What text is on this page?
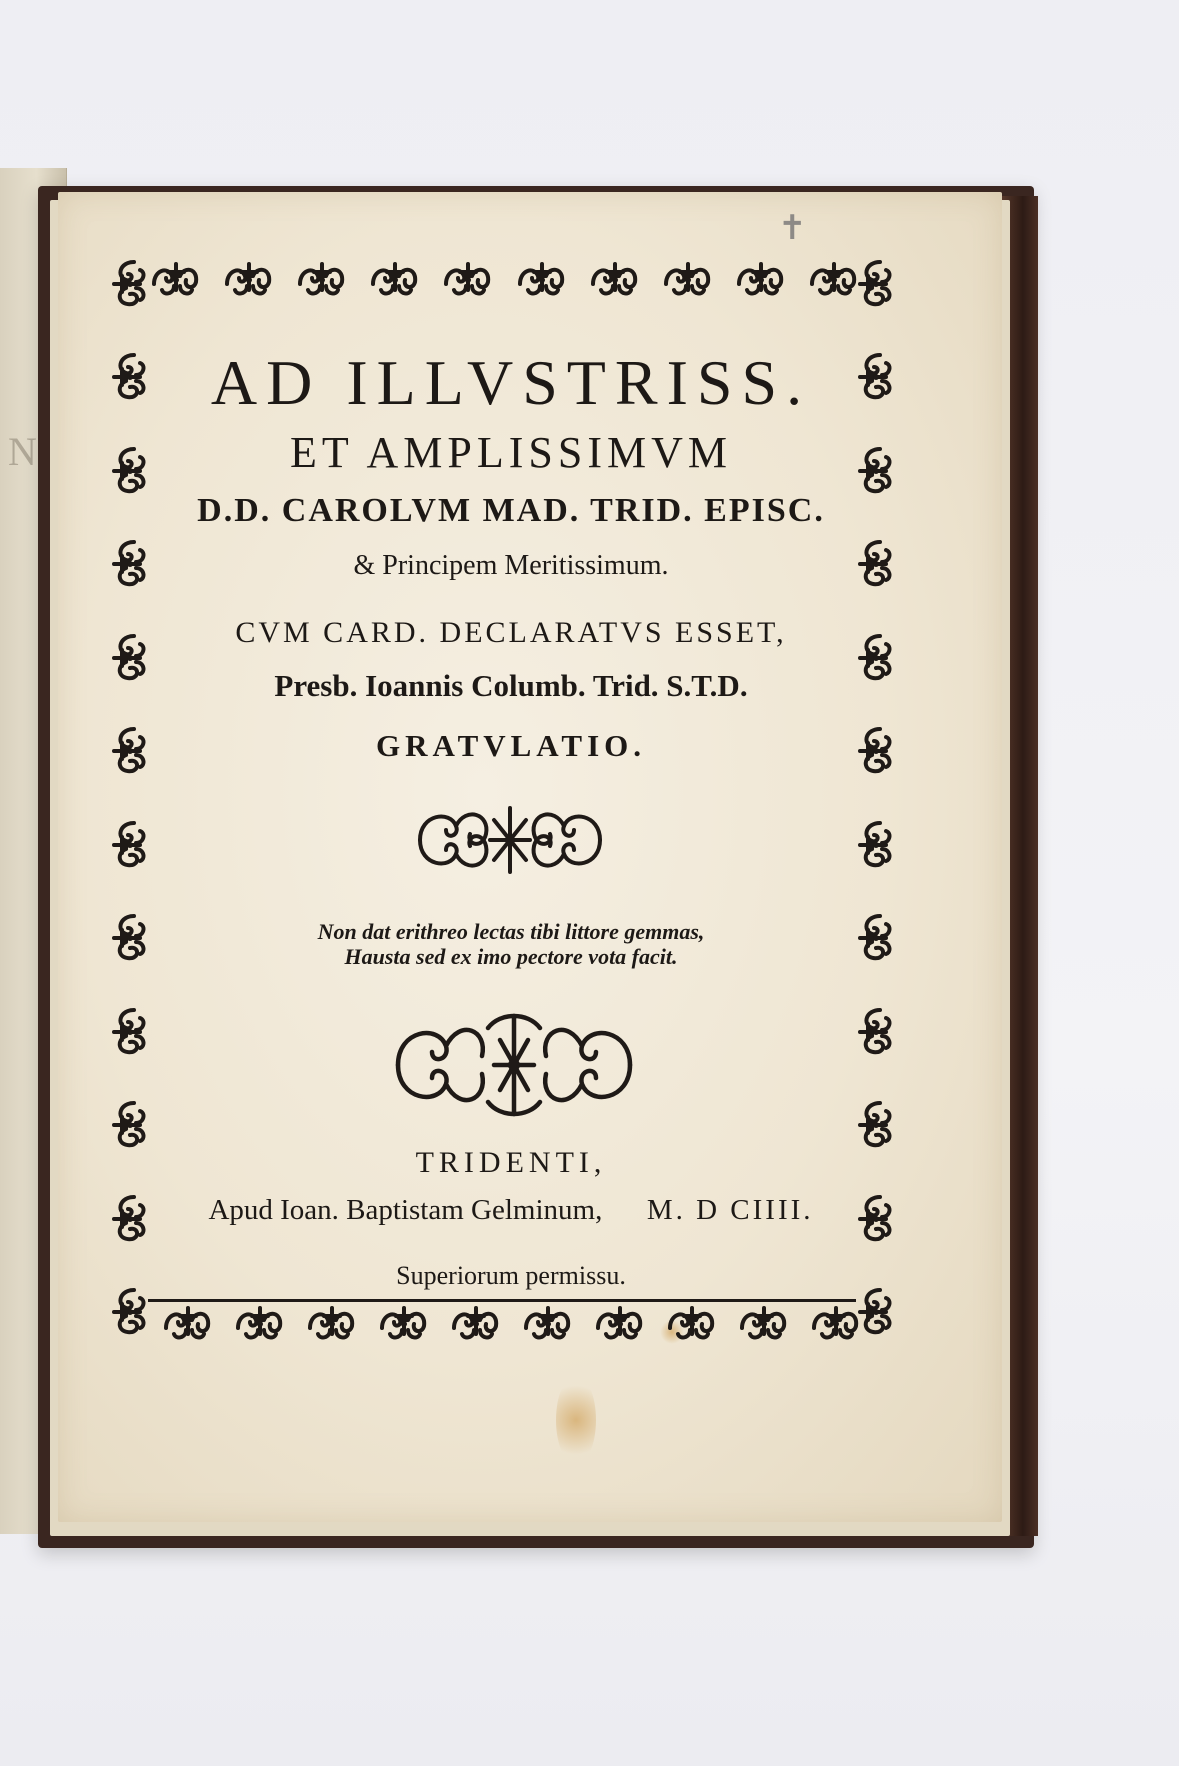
N
✝
AD ILLVSTRISS.

ET AMPLISSIMVM

D.D. CAROLVM MAD. TRID. EPISC.

& Principem Meritissimum.

CVM CARD. DECLARATVS ESSET,

Presb. Ioannis Columb. Trid. S.T.D.

GRATVLATIO.

Non dat erithreo lectas tibi littore gemmas,

Hausta sed ex imo pectore vota facit.

TRIDENTI,

Apud Ioan. Baptistam Gelminum, M. D CIIII.

Superiorum permissu.
